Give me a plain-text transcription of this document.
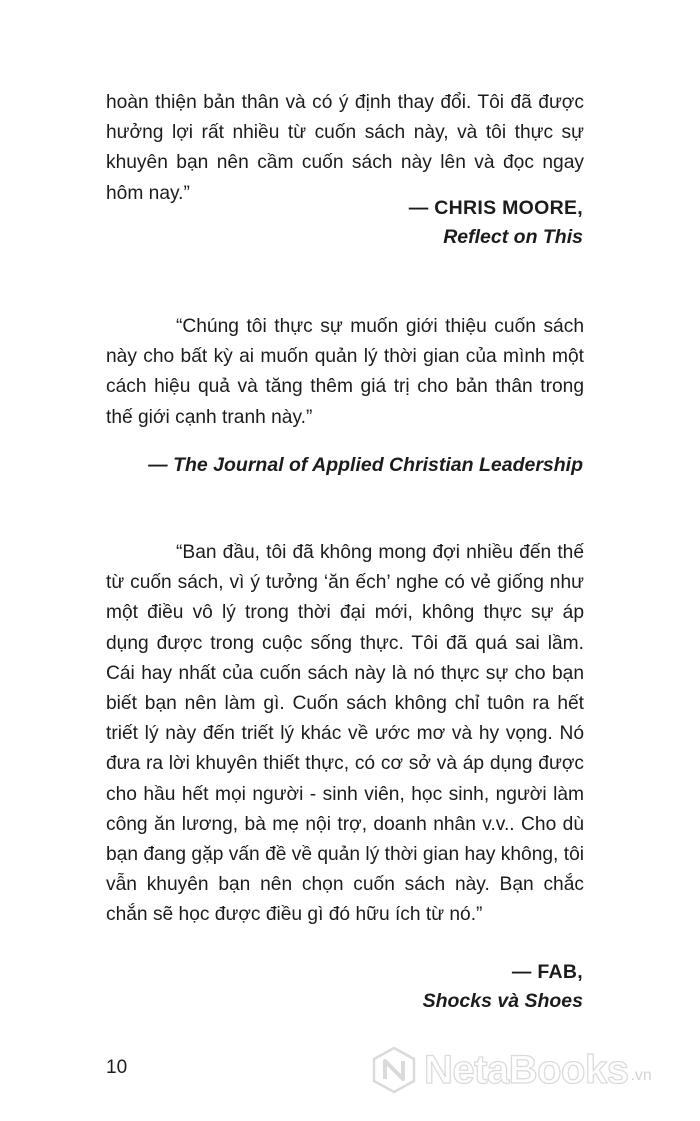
hoàn thiện bản thân và có ý định thay đổi. Tôi đã được hưởng lợi rất nhiều từ cuốn sách này, và tôi thực sự khuyên bạn nên cầm cuốn sách này lên và đọc ngay hôm nay.”

— CHRIS MOORE,
Reflect on This

“Chúng tôi thực sự muốn giới thiệu cuốn sách này cho bất kỳ ai muốn quản lý thời gian của mình một cách hiệu quả và tăng thêm giá trị cho bản thân trong thế giới cạnh tranh này.”

— The Journal of Applied Christian Leadership

“Ban đầu, tôi đã không mong đợi nhiều đến thế từ cuốn sách, vì ý tưởng ‘ăn ếch’ nghe có vẻ giống như một điều vô lý trong thời đại mới, không thực sự áp dụng được trong cuộc sống thực. Tôi đã quá sai lầm. Cái hay nhất của cuốn sách này là nó thực sự cho bạn biết bạn nên làm gì. Cuốn sách không chỉ tuôn ra hết triết lý này đến triết lý khác về ước mơ và hy vọng. Nó đưa ra lời khuyên thiết thực, có cơ sở và áp dụng được cho hầu hết mọi người - sinh viên, học sinh, người làm công ăn lương, bà mẹ nội trợ, doanh nhân v.v.. Cho dù bạn đang gặp vấn đề về quản lý thời gian hay không, tôi vẫn khuyên bạn nên chọn cuốn sách này. Bạn chắc chắn sẽ học được điều gì đó hữu ích từ nó.”

— FAB,
Shocks và Shoes
10	NetaBooks .vn
